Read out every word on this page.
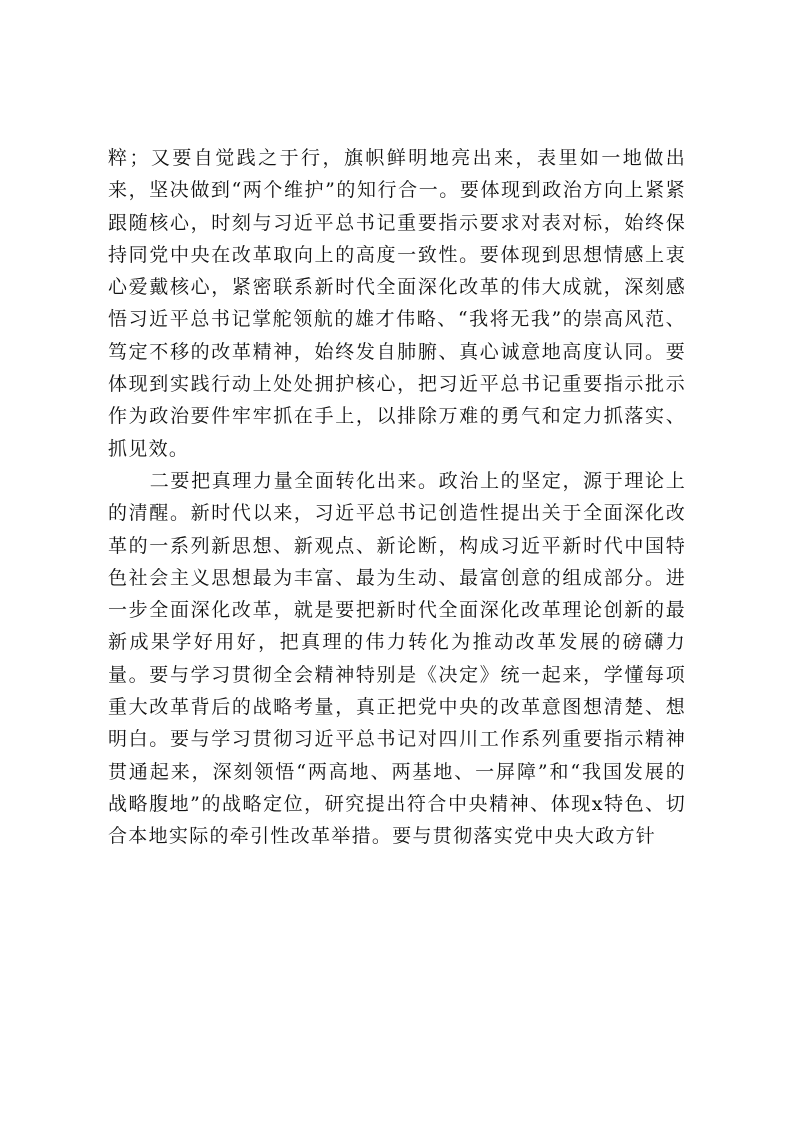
粹；又要自觉践之于行，旗帜鲜明地亮出来，表里如一地做出来，坚决做到“两个维护”的知行合一。要体现到政治方向上紧紧跟随核心，时刻与习近平总书记重要指示要求对表对标，始终保持同党中央在改革取向上的高度一致性。要体现到思想情感上衷心爱戴核心，紧密联系新时代全面深化改革的伟大成就，深刻感悟习近平总书记掌舵领航的雄才伟略、“我将无我”的崇高风范、笃定不移的改革精神，始终发自肺腑、真心诚意地高度认同。要体现到实践行动上处处拥护核心，把习近平总书记重要指示批示作为政治要件牢牢抓在手上，以排除万难的勇气和定力抓落实、抓见效。

二要把真理力量全面转化出来。政治上的坚定，源于理论上的清醒。新时代以来，习近平总书记创造性提出关于全面深化改革的一系列新思想、新观点、新论断，构成习近平新时代中国特色社会主义思想最为丰富、最为生动、最富创意的组成部分。进一步全面深化改革，就是要把新时代全面深化改革理论创新的最新成果学好用好，把真理的伟力转化为推动改革发展的磅礴力量。要与学习贯彻全会精神特别是《决定》统一起来，学懂每项重大改革背后的战略考量，真正把党中央的改革意图想清楚、想明白。要与学习贯彻习近平总书记对四川工作系列重要指示精神贯通起来，深刻领悟“两高地、两基地、一屏障”和“我国发展的战略腹地”的战略定位，研究提出符合中央精神、体现x特色、切合本地实际的牵引性改革举措。要与贯彻落实党中央大政方针
